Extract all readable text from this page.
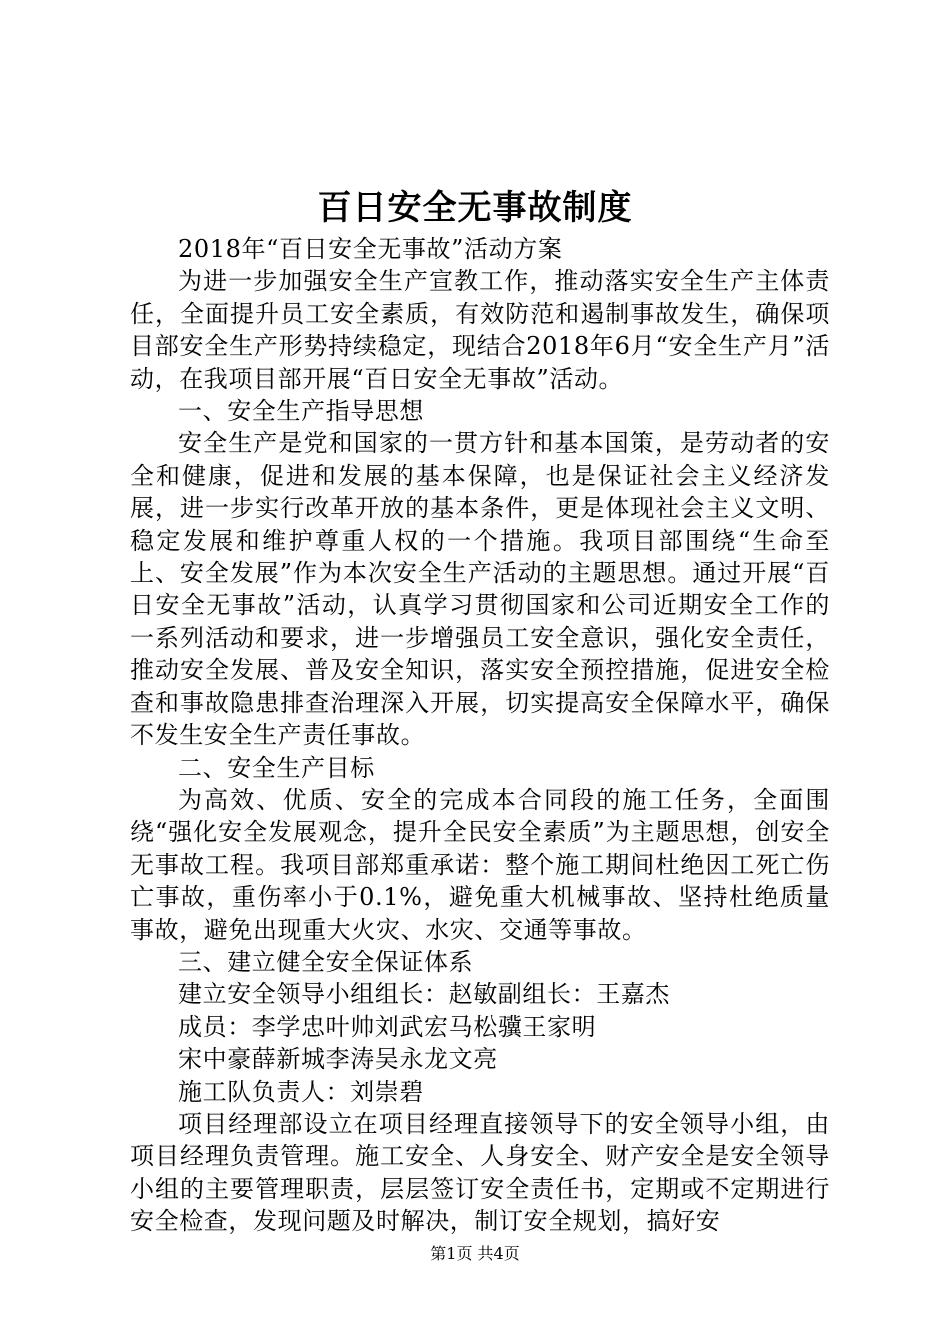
百日安全无事故制度

2018年“百日安全无事故”活动方案

为进一步加强安全生产宣教工作，推动落实安全生产主体责任，全面提升员工安全素质，有效防范和遏制事故发生，确保项目部安全生产形势持续稳定，现结合2018年6月“安全生产月”活动，在我项目部开展“百日安全无事故”活动。

一、安全生产指导思想

安全生产是党和国家的一贯方针和基本国策，是劳动者的安全和健康，促进和发展的基本保障，也是保证社会主义经济发展，进一步实行改革开放的基本条件，更是体现社会主义文明、稳定发展和维护尊重人权的一个措施。我项目部围绕“生命至上、安全发展”作为本次安全生产活动的主题思想。通过开展“百日安全无事故”活动，认真学习贯彻国家和公司近期安全工作的一系列活动和要求，进一步增强员工安全意识，强化安全责任，推动安全发展、普及安全知识，落实安全预控措施，促进安全检查和事故隐患排查治理深入开展，切实提高安全保障水平，确保不发生安全生产责任事故。

二、安全生产目标

为高效、优质、安全的完成本合同段的施工任务，全面围绕“强化安全发展观念，提升全民安全素质”为主题思想，创安全无事故工程。我项目部郑重承诺：整个施工期间杜绝因工死亡伤亡事故，重伤率小于0.1%，避免重大机械事故、坚持杜绝质量事故，避免出现重大火灾、水灾、交通等事故。

三、建立健全安全保证体系

建立安全领导小组组长：赵敏副组长：王嘉杰

成员：李学忠叶帅刘武宏马松骥王家明

宋中豪薛新城李涛吴永龙文亮

施工队负责人：刘崇碧

项目经理部设立在项目经理直接领导下的安全领导小组，由项目经理负责管理。施工安全、人身安全、财产安全是安全领导小组的主要管理职责，层层签订安全责任书，定期或不定期进行安全检查，发现问题及时解决，制订安全规划，搞好安

第1页 共4页
